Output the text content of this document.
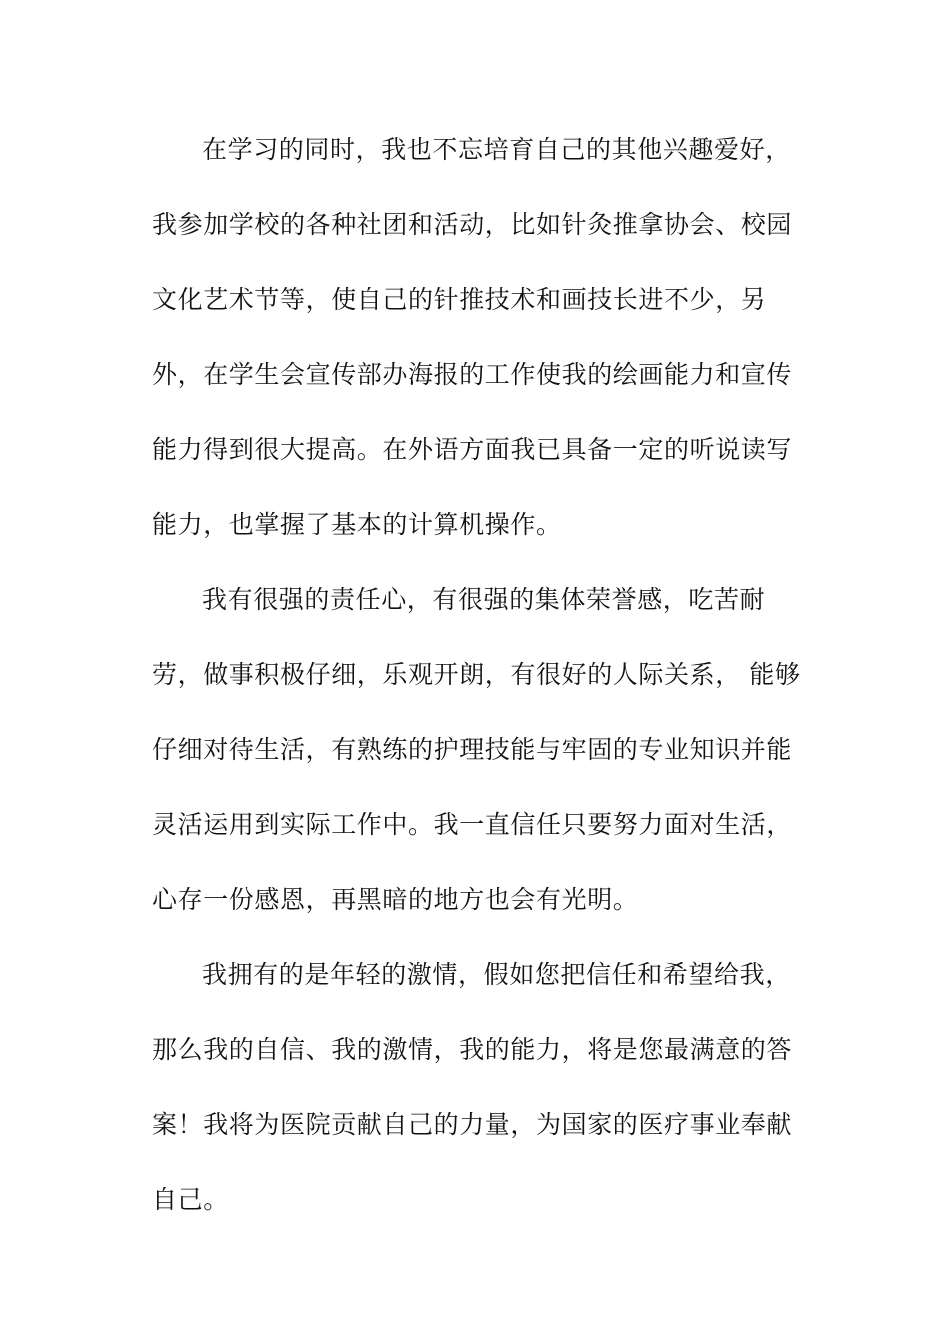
在学习的同时，我也不忘培育自己的其他兴趣爱好，
我参加学校的各种社团和活动，比如针灸推拿协会、校园
文化艺术节等，使自己的针推技术和画技长进不少，另
外，在学生会宣传部办海报的工作使我的绘画能力和宣传
能力得到很大提高。在外语方面我已具备一定的听说读写
能力，也掌握了基本的计算机操作。
我有很强的责任心，有很强的集体荣誉感，吃苦耐
劳，做事积极仔细，乐观开朗，有很好的人际关系， 能够
仔细对待生活，有熟练的护理技能与牢固的专业知识并能
灵活运用到实际工作中。我一直信任只要努力面对生活，
心存一份感恩，再黑暗的地方也会有光明。
我拥有的是年轻的激情，假如您把信任和希望给我，
那么我的自信、我的激情，我的能力，将是您最满意的答
案！我将为医院贡献自己的力量，为国家的医疗事业奉献
自己。
